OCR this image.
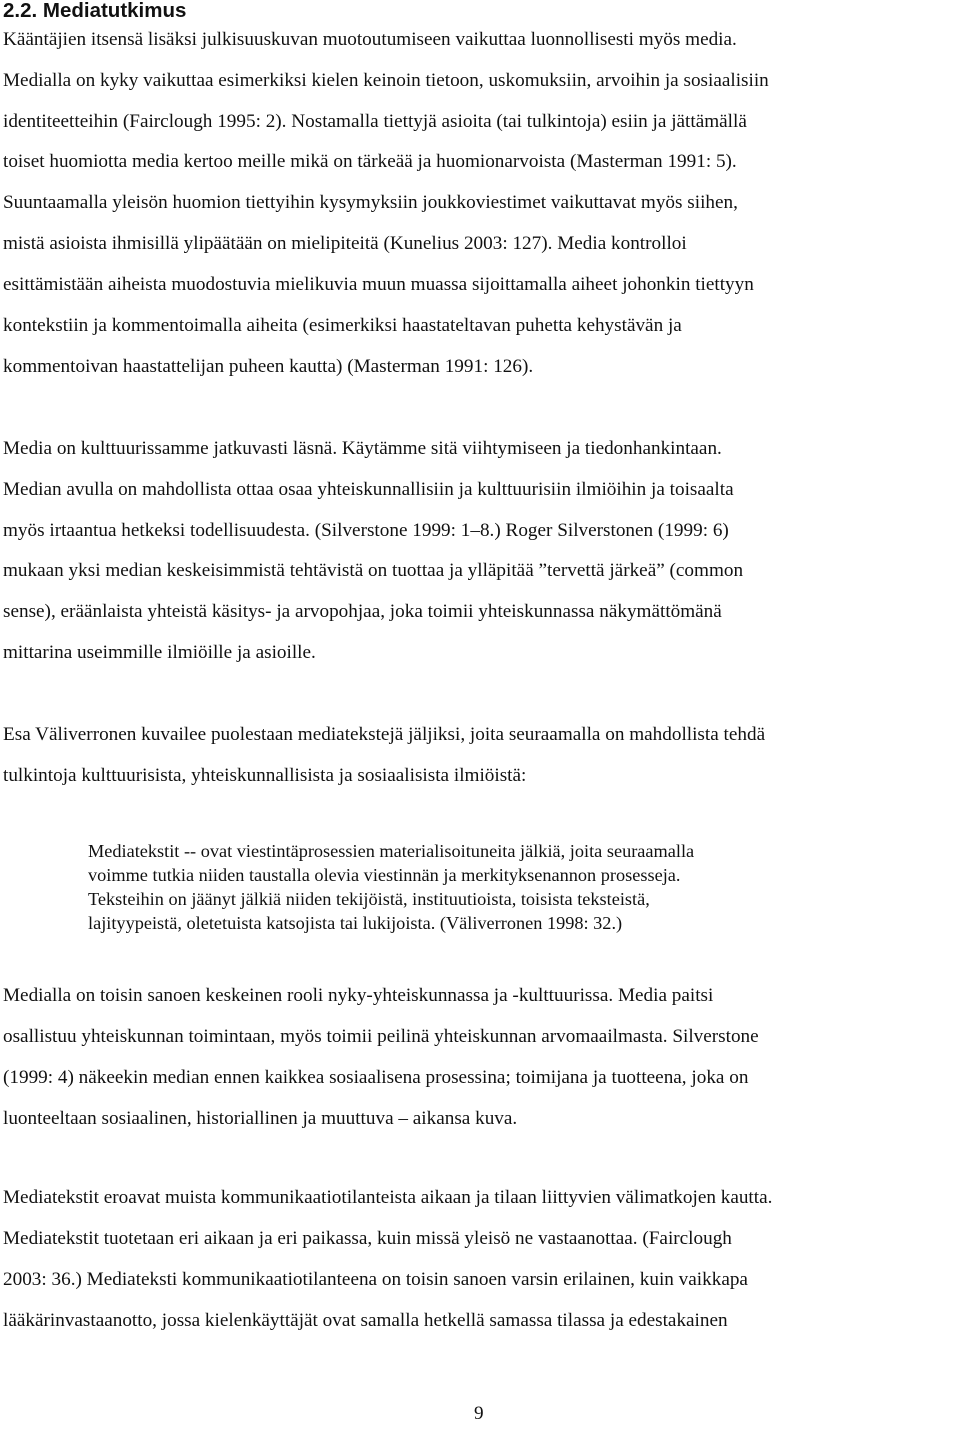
2.2. Mediatutkimus

Kääntäjien itsensä lisäksi julkisuuskuvan muotoutumiseen vaikuttaa luonnollisesti myös media.

Medialla on kyky vaikuttaa esimerkiksi kielen keinoin tietoon, uskomuksiin, arvoihin ja sosiaalisiin

identiteetteihin (Fairclough 1995: 2). Nostamalla tiettyjä asioita (tai tulkintoja) esiin ja jättämällä

toiset huomiotta media kertoo meille mikä on tärkeää ja huomionarvoista (Masterman 1991: 5).

Suuntaamalla yleisön huomion tiettyihin kysymyksiin joukkoviestimet vaikuttavat myös siihen,

mistä asioista ihmisillä ylipäätään on mielipiteitä (Kunelius 2003: 127). Media kontrolloi

esittämistään aiheista muodostuvia mielikuvia muun muassa sijoittamalla aiheet johonkin tiettyyn

kontekstiin ja kommentoimalla aiheita (esimerkiksi haastateltavan puhetta kehystävän ja

kommentoivan haastattelijan puheen kautta) (Masterman 1991: 126).

Media on kulttuurissamme jatkuvasti läsnä. Käytämme sitä viihtymiseen ja tiedonhankintaan.

Median avulla on mahdollista ottaa osaa yhteiskunnallisiin ja kulttuurisiin ilmiöihin ja toisaalta

myös irtaantua hetkeksi todellisuudesta. (Silverstone 1999: 1–8.) Roger Silverstonen (1999: 6)

mukaan yksi median keskeisimmistä tehtävistä on tuottaa ja ylläpitää ”tervettä järkeä” (common

sense), eräänlaista yhteistä käsitys- ja arvopohjaa, joka toimii yhteiskunnassa näkymättömänä

mittarina useimmille ilmiöille ja asioille.

Esa Väliverronen kuvailee puolestaan mediatekstejä jäljiksi, joita seuraamalla on mahdollista tehdä

tulkintoja kulttuurisista, yhteiskunnallisista ja sosiaalisista ilmiöistä:

Mediatekstit -- ovat viestintäprosessien materialisoituneita jälkiä, joita seuraamalla

voimme tutkia niiden taustalla olevia viestinnän ja merkityksenannon prosesseja.

Teksteihin on jäänyt jälkiä niiden tekijöistä, instituutioista, toisista teksteistä,

lajityypeistä, oletetuista katsojista tai lukijoista. (Väliverronen 1998: 32.)

Medialla on toisin sanoen keskeinen rooli nyky-yhteiskunnassa ja -kulttuurissa. Media paitsi

osallistuu yhteiskunnan toimintaan, myös toimii peilinä yhteiskunnan arvomaailmasta. Silverstone

(1999: 4) näkeekin median ennen kaikkea sosiaalisena prosessina; toimijana ja tuotteena, joka on

luonteeltaan sosiaalinen, historiallinen ja muuttuva – aikansa kuva.

Mediatekstit eroavat muista kommunikaatiotilanteista aikaan ja tilaan liittyvien välimatkojen kautta.

Mediatekstit tuotetaan eri aikaan ja eri paikassa, kuin missä yleisö ne vastaanottaa. (Fairclough

2003: 36.) Mediateksti kommunikaatiotilanteena on toisin sanoen varsin erilainen, kuin vaikkapa

lääkärinvastaanotto, jossa kielenkäyttäjät ovat samalla hetkellä samassa tilassa ja edestakainen

9
